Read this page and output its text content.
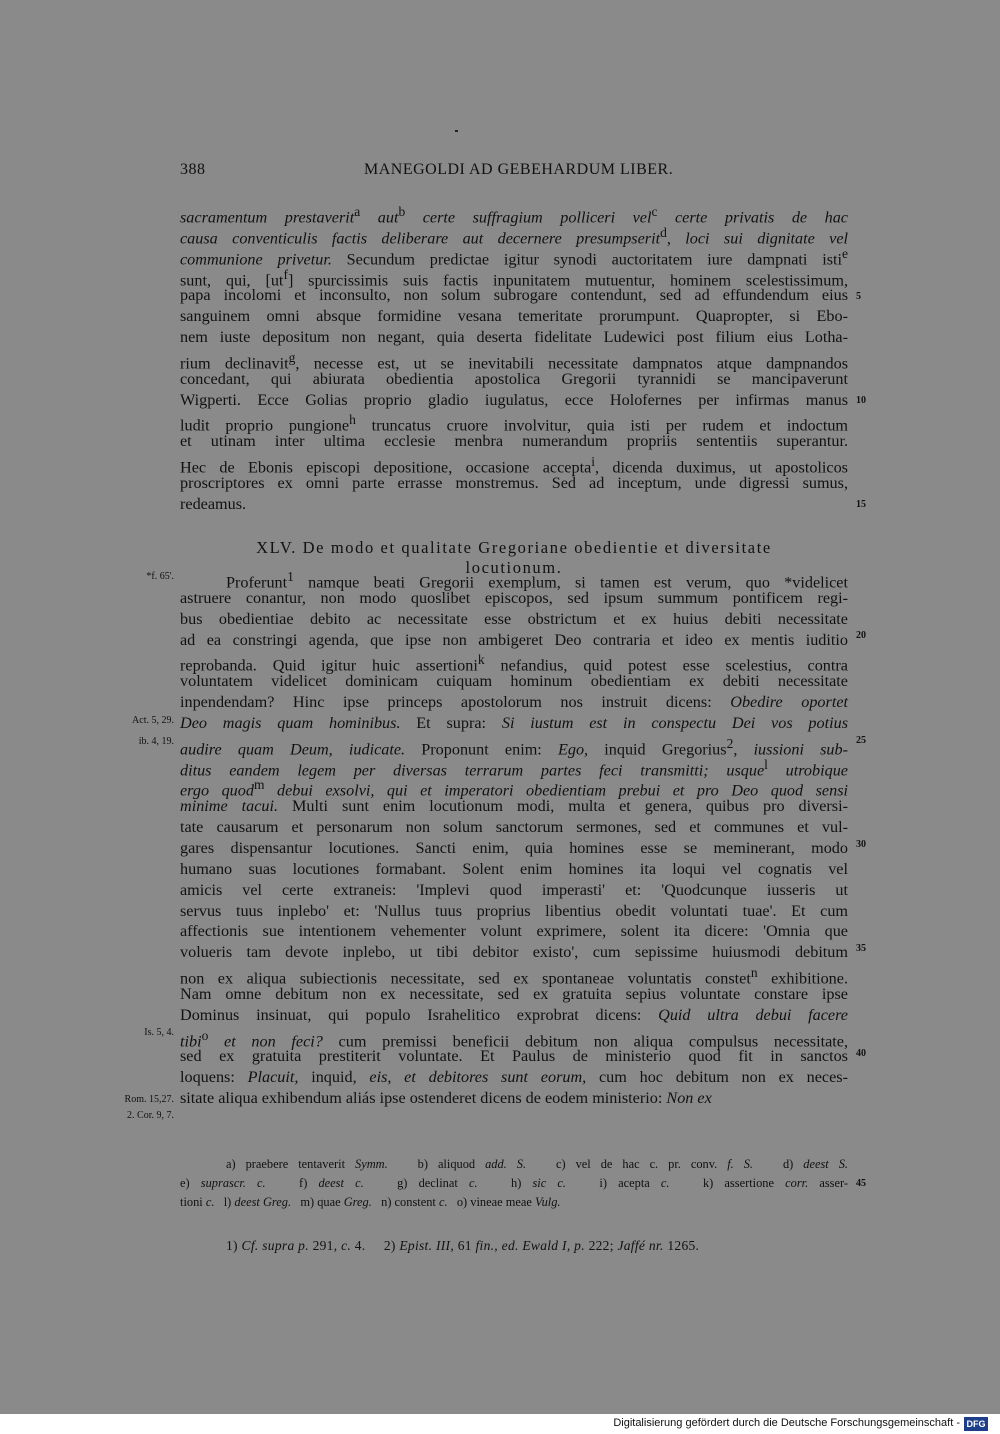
388	MANEGOLDI AD GEBEHARDUM LIBER.
sacramentum prestaverit$^a$ aut$^b$ certe suffragium polliceri vel$^c$ certe privatis de hac
causa conventiculis factis deliberare aut decernere presumpserit$^d$, loci sui dignitate vel
communione privetur. Secundum predictae igitur synodi auctoritatem iure dampnati isti$^e$
sunt, qui, $[ut^f]$ spurcissimis suis factis inpunitatem mutuentur, hominem scelestissimum,
papa incolomi et inconsulto, non solum subrogare contendunt, sed ad effundendum eius
sanguinem omni absque formidine vesana temeritate prorumpunt. Quapropter, si Ebo-
nem iuste depositum non negant, quia deserta fidelitate Ludewici post filium eius Lotha-
rium declinavit$^g$, necesse est, ut se inevitabili necessitate dampnatos atque dampnandos
concedant, qui abiurata obedientia apostolica Gregorii tyrannidi se mancipaverunt
Wigperti. Ecce Golias proprio gladio iugulatus, ecce Holofernes per infirmas manus
ludit proprio pungione$^h$ truncatus cruore involvitur, quia isti per rudem et indoctum
et utinam inter ultima ecclesie menbra numerandum propriis sententiis superantur.
Hec de Ebonis episcopi depositione, occasione accepta$^i$, dicenda duximus, ut apostolicos
proscriptores ex omni parte errasse monstremus. Sed ad inceptum, unde digressi sumus,
redeamus.
XLV. De modo et qualitate Gregoriane obedientie et diversitate
locutionum.
Proferunt$^1$ namque beati Gregorii exemplum, si tamen est verum, quo *videlicet
astruere conantur, non modo quoslibet episcopos, sed ipsum summum pontificem regi-
bus obedientiae debito ac necessitate esse obstrictum et ex huius debiti necessitate
ad ea constringi agenda, que ipse non ambigeret Deo contraria et ideo ex mentis iuditio
reprobanda. Quid igitur huic assertioni$^k$ nefandius, quid potest esse scelestius, contra
voluntatem videlicet dominicam cuiquam hominum obedientiam ex debiti necessitate
inpendendam? Hinc ipse princeps apostolorum nos instruit dicens: Obedire oportet
Deo magis quam hominibus. Et supra: Si iustum est in conspectu Dei vos potius
audire quam Deum, iudicate. Proponunt enim: Ego, inquid Gregorius$^2$, iussioni sub-
ditus eandem legem per diversas terrarum partes feci transmitti; usque$^l$ utrobique
ergo quod$^m$ debui exsolvi, qui et imperatori obedientiam prebui et pro Deo quod sensi
minime tacui. Multi sunt enim locutionum modi, multa et genera, quibus pro diversi-
tate causarum et personarum non solum sanctorum sermones, sed et communes et vul-
gares dispensantur locutiones. Sancti enim, quia homines esse se meminerant, modo
humano suas locutiones formabant. Solent enim homines ita loqui vel cognatis vel
amicis vel certe extraneis: 'Implevi quod imperasti' et: 'Quodcunque iusseris ut
servus tuus inplebo' et: 'Nullus tuus proprius libentius obedit voluntati tuae'. Et cum
affectionis sue intentionem vehementer volunt exprimere, solent ita dicere: 'Omnia que
volueris tam devote inplebo, ut tibi debitor existo', cum sepissime huiusmodi debitum
non ex aliqua subiectionis necessitate, sed ex spontaneae voluntatis constet$^n$ exhibitione.
Nam omne debitum non ex necessitate, sed ex gratuita sepius voluntate constare ipse
Dominus insinuat, qui populo Israhelitico exprobrat dicens: Quid ultra debui facere
tibi$^o$ et non feci? cum premissi beneficii debitum non aliqua compulsus necessitate,
sed ex gratuita prestiterit voluntate. Et Paulus de ministerio quod fit in sanctos
loquens: Placuit, inquid, eis, et debitores sunt eorum, cum hoc debitum non ex neces-
sitate aliqua exhibendum aliás ipse ostenderet dicens de eodem ministerio: Non ex
5
10
15
20
25
30
35
40
45
*f. 65'.
Act. 5, 29.
ib. 4, 19.
Is. 5, 4.
Rom. 15,27.
2. Cor. 9, 7.
a) praebere tentaverit Symm.   b) aliquod add. S.   c) vel de hac c. pr. conv. f. S.   d) deest S.
e) suprascr. c.   f) deest c.   g) declinat c.   h) sic c.   i) acepta c.   k) assertione corr. asser-
tioni c.   l) deest Greg.   m) quae Greg.   n) constent c.   o) vineae meae Vulg.
1) Cf. supra p. 291, c. 4.     2) Epist. III, 61 fin., ed. Ewald I, p. 222; Jaffé nr. 1265.
Digitalisierung gefördert durch die Deutsche Forschungsgemeinschaft - DFG
